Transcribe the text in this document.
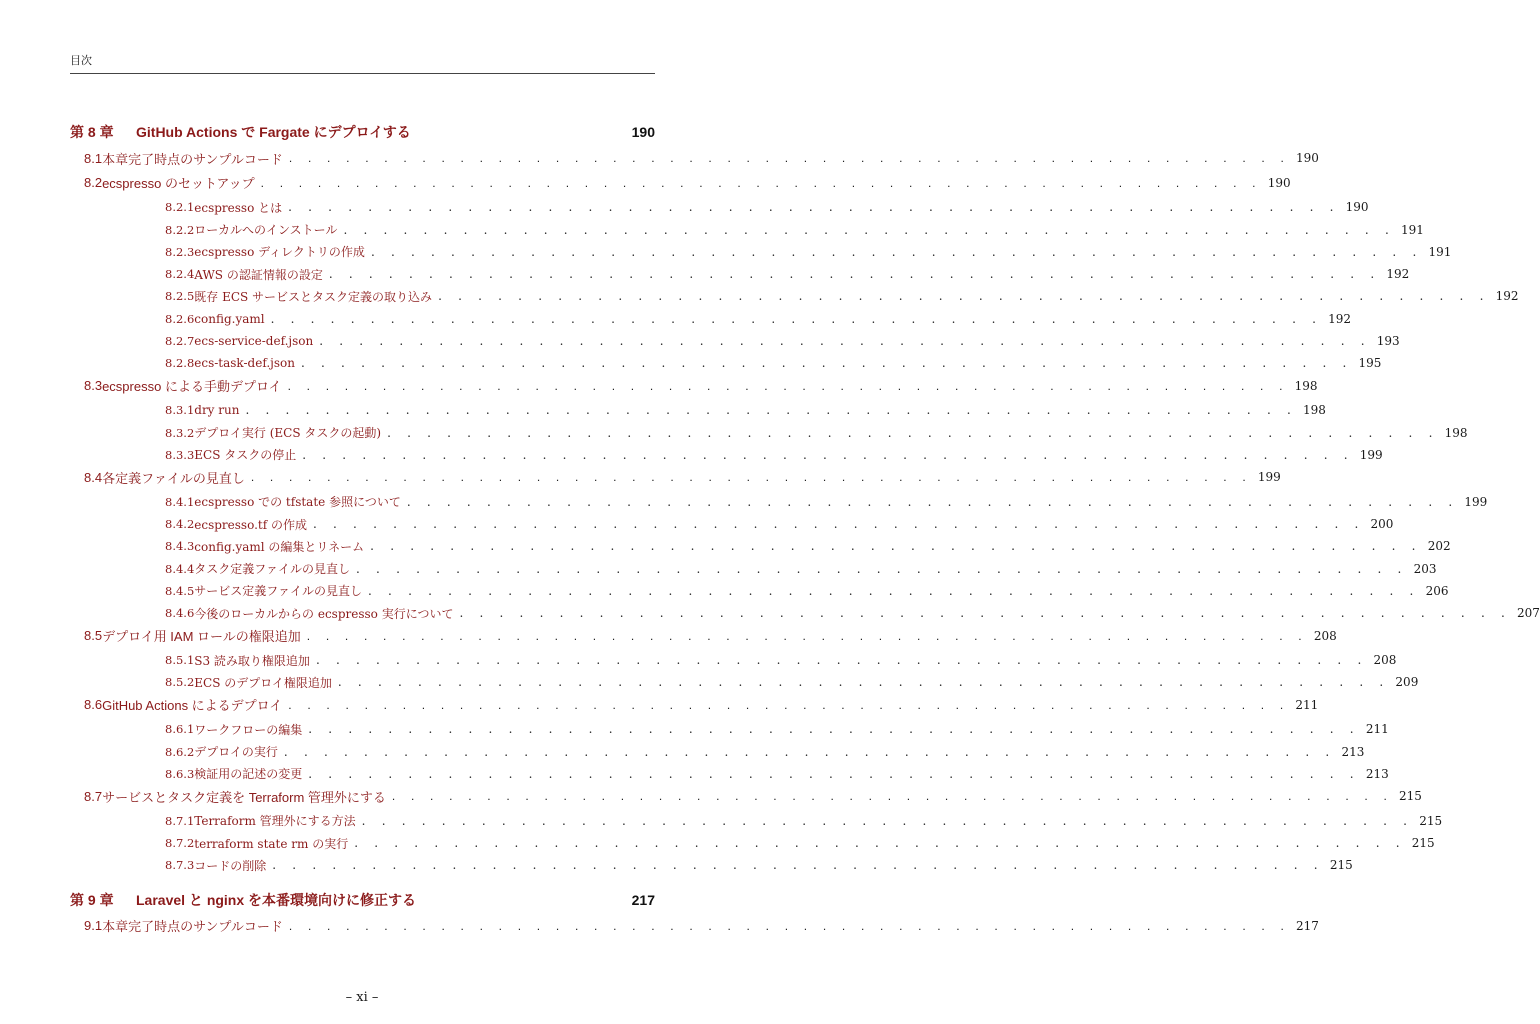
目次
第 8 章	GitHub Actions で Fargate にデプロイする	190
8.1 本章完了時点のサンプルコード . . . . . . . . . . . . . . . . . . . . . . . . . . . . . . . . . . . . . . . . . . . . . . . . . . . . . 190
8.2 ecspresso のセットアップ . . . . . . . . . . . . . . . . . . . . . . . . . . . . . . . . . . . . . . . . . . . . . . . . . . . . . 190
8.2.1 ecspresso とは . . . . . . . . . . . . . . . . . . . . . . . . . . . . . . . . . . . . . . . . . . . . . . . . . . . . . 190
8.2.2 ローカルへのインストール . . . . . . . . . . . . . . . . . . . . . . . . . . . . . . . . . . . . . . . . . . . . . . . . . . . . . 191
8.2.3 ecspresso ディレクトリの作成 . . . . . . . . . . . . . . . . . . . . . . . . . . . . . . . . . . . . . . . . . . . . . . . . . . . . . 191
8.2.4 AWS の認証情報の設定 . . . . . . . . . . . . . . . . . . . . . . . . . . . . . . . . . . . . . . . . . . . . . . . . . . . . . 192
8.2.5 既存 ECS サービスとタスク定義の取り込み . . . . . . . . . . . . . . . . . . . . . . . . . . . . . . . . . . . . . . . . . . . . . . . . . . . . . 192
8.2.6 config.yaml . . . . . . . . . . . . . . . . . . . . . . . . . . . . . . . . . . . . . . . . . . . . . . . . . . . . . 192
8.2.7 ecs-service-def.json . . . . . . . . . . . . . . . . . . . . . . . . . . . . . . . . . . . . . . . . . . . . . . . . . . . . . 193
8.2.8 ecs-task-def.json . . . . . . . . . . . . . . . . . . . . . . . . . . . . . . . . . . . . . . . . . . . . . . . . . . . . . 195
8.3 ecspresso による手動デプロイ . . . . . . . . . . . . . . . . . . . . . . . . . . . . . . . . . . . . . . . . . . . . . . . . . . . . . 198
8.3.1 dry run . . . . . . . . . . . . . . . . . . . . . . . . . . . . . . . . . . . . . . . . . . . . . . . . . . . . . 198
8.3.2 デプロイ実行 (ECS タスクの起動) . . . . . . . . . . . . . . . . . . . . . . . . . . . . . . . . . . . . . . . . . . . . . . . . . . . . . 198
8.3.3 ECS タスクの停止 . . . . . . . . . . . . . . . . . . . . . . . . . . . . . . . . . . . . . . . . . . . . . . . . . . . . . 199
8.4 各定義ファイルの見直し . . . . . . . . . . . . . . . . . . . . . . . . . . . . . . . . . . . . . . . . . . . . . . . . . . . . . 199
8.4.1 ecspresso での tfstate 参照について . . . . . . . . . . . . . . . . . . . . . . . . . . . . . . . . . . . . . . . . . . . . . . . . . . . . . 199
8.4.2 ecspresso.tf の作成 . . . . . . . . . . . . . . . . . . . . . . . . . . . . . . . . . . . . . . . . . . . . . . . . . . . . . 200
8.4.3 config.yaml の編集とリネーム . . . . . . . . . . . . . . . . . . . . . . . . . . . . . . . . . . . . . . . . . . . . . . . . . . . . . 202
8.4.4 タスク定義ファイルの見直し . . . . . . . . . . . . . . . . . . . . . . . . . . . . . . . . . . . . . . . . . . . . . . . . . . . . . 203
8.4.5 サービス定義ファイルの見直し . . . . . . . . . . . . . . . . . . . . . . . . . . . . . . . . . . . . . . . . . . . . . . . . . . . . . 206
8.4.6 今後のローカルからの ecspresso 実行について . . . . . . . . . . . . . . . . . . . . . . . . . . . . . . . . . . . . . . . . . . . . . . . . . . . . . 207
8.5 デプロイ用 IAM ロールの権限追加 . . . . . . . . . . . . . . . . . . . . . . . . . . . . . . . . . . . . . . . . . . . . . . . . . . . . . 208
8.5.1 S3 読み取り権限追加 . . . . . . . . . . . . . . . . . . . . . . . . . . . . . . . . . . . . . . . . . . . . . . . . . . . . . 208
8.5.2 ECS のデプロイ権限追加 . . . . . . . . . . . . . . . . . . . . . . . . . . . . . . . . . . . . . . . . . . . . . . . . . . . . . 209
8.6 GitHub Actions によるデプロイ . . . . . . . . . . . . . . . . . . . . . . . . . . . . . . . . . . . . . . . . . . . . . . . . . . . . . 211
8.6.1 ワークフローの編集 . . . . . . . . . . . . . . . . . . . . . . . . . . . . . . . . . . . . . . . . . . . . . . . . . . . . . 211
8.6.2 デプロイの実行 . . . . . . . . . . . . . . . . . . . . . . . . . . . . . . . . . . . . . . . . . . . . . . . . . . . . . 213
8.6.3 検証用の記述の変更 . . . . . . . . . . . . . . . . . . . . . . . . . . . . . . . . . . . . . . . . . . . . . . . . . . . . . 213
8.7 サービスとタスク定義を Terraform 管理外にする . . . . . . . . . . . . . . . . . . . . . . . . . . . . . . . . . . . . . . . . . . . . . . . . . . . . . 215
8.7.1 Terraform 管理外にする方法 . . . . . . . . . . . . . . . . . . . . . . . . . . . . . . . . . . . . . . . . . . . . . . . . . . . . . 215
8.7.2 terraform state rm の実行 . . . . . . . . . . . . . . . . . . . . . . . . . . . . . . . . . . . . . . . . . . . . . . . . . . . . . 215
8.7.3 コードの削除 . . . . . . . . . . . . . . . . . . . . . . . . . . . . . . . . . . . . . . . . . . . . . . . . . . . . . 215
第 9 章	Laravel と nginx を本番環境向けに修正する	217
9.1 本章完了時点のサンプルコード . . . . . . . . . . . . . . . . . . . . . . . . . . . . . . . . . . . . . . . . . . . . . . . . . . . . . 217
– xi –
